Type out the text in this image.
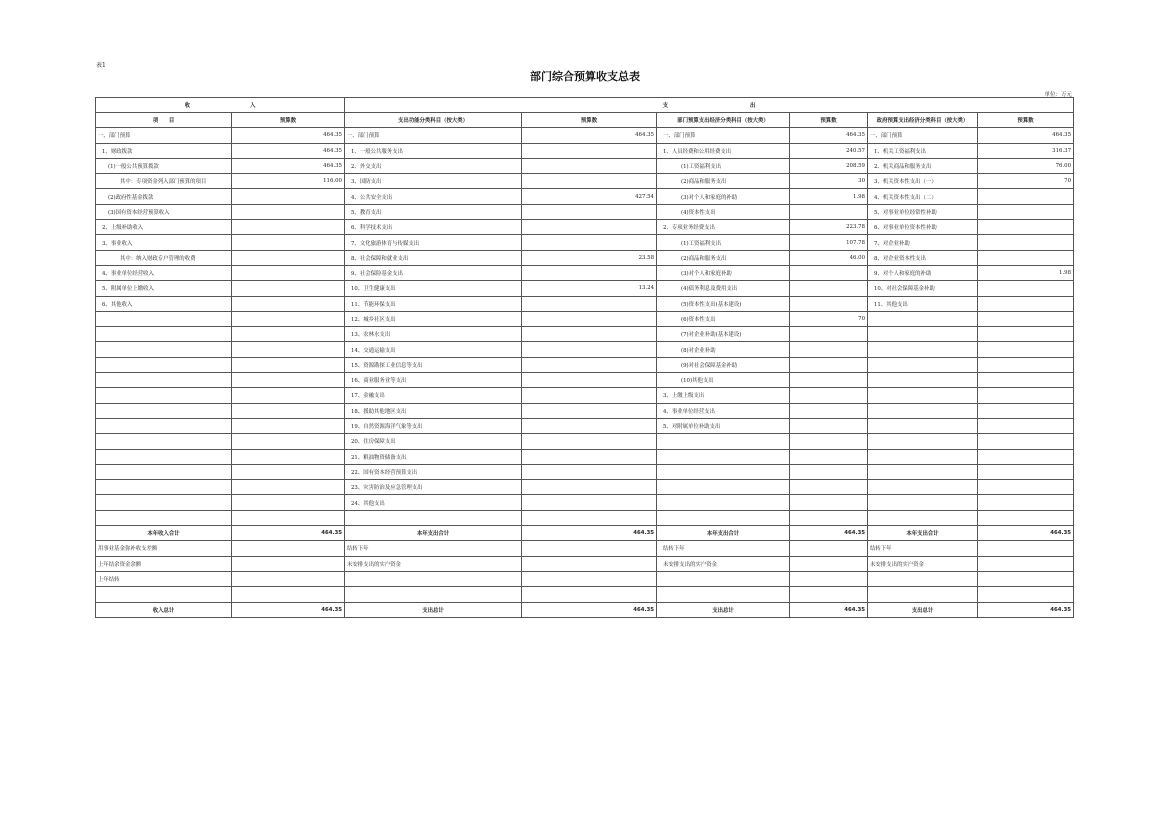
表1
部门综合预算收支总表
单位：万元
收 入		支 出					
项　　目	预算数	支出功能分类科目（按大类）	预算数	部门预算支出经济分类科目（按大类）	预算数	政府预算支出经济分类科目（按大类）	预算数
一、部门预算	464.35	一、部门预算	464.35	一、部门预算	464.35	一、部门预算	464.35
1、财政拨款	464.35	1、一般公共服务支出		1、人员经费和公用经费支出	240.57	1、机关工资福利支出	316.37
(1)一般公共预算拨款	464.35	2、外交支出		(1)工资福利支出	208.59	2、机关商品和服务支出	76.00
其中：专项资金列入部门预算的项目	116.00	3、国防支出		(2)商品和服务支出	30	3、机关资本性支出（一）	70
(2)政府性基金拨款		4、公共安全支出	427.54	(3)对个人和家庭的补助	1.98	4、机关资本性支出（二）	
(3)国有资本经营预算收入		5、教育支出		(4)资本性支出		5、对事业单位经常性补助	
2、上级补助收入		6、科学技术支出		2、专项业务经费支出	223.78	6、对事业单位资本性补助	
3、事业收入		7、文化旅游体育与传媒支出		(1)工资福利支出	107.78	7、对企业补助	
其中：纳入财政专户管理的收费		8、社会保障和就业支出	23.58	(2)商品和服务支出	46.00	8、对企业资本性支出	
4、事业单位经营收入		9、社会保险基金支出		(3)对个人和家庭补助		9、对个人和家庭的补助	1.98
5、附属单位上缴收入		10、卫生健康支出	13.24	(4)债务利息及费用支出		10、对社会保障基金补助	
6、其他收入		11、节能环保支出		(5)资本性支出(基本建设)		11、其他支出	
		12、城乡社区支出		(6)资本性支出	70		
		13、农林水支出		(7)对企业补助(基本建设)			
		14、交通运输支出		(8)对企业补助			
		15、资源勘探工业信息等支出		(9)对社会保障基金补助			
		16、商业服务业等支出		(10)其他支出			
		17、金融支出		3、上缴上级支出			
		18、援助其他地区支出		4、事业单位经营支出			
		19、自然资源海洋气象等支出		5、对附属单位补助支出			
		20、住房保障支出					
		21、粮油物资储备支出					
		22、国有资本经营预算支出					
		23、灾害防治及应急管理支出					
		24、其他支出					

本年收入合计	464.35	本年支出合计	464.35	本年支出合计	464.35	本年支出合计	464.35
用事业基金弥补收支差额		结转下年		结转下年		结转下年	
上年结余资金余额		未安排支出的实户资金		未安排支出的实户资金		未安排支出的实户资金	
上年结转							

收入总计	464.35	支出总计	464.35	支出总计	464.35	支出总计	464.35
